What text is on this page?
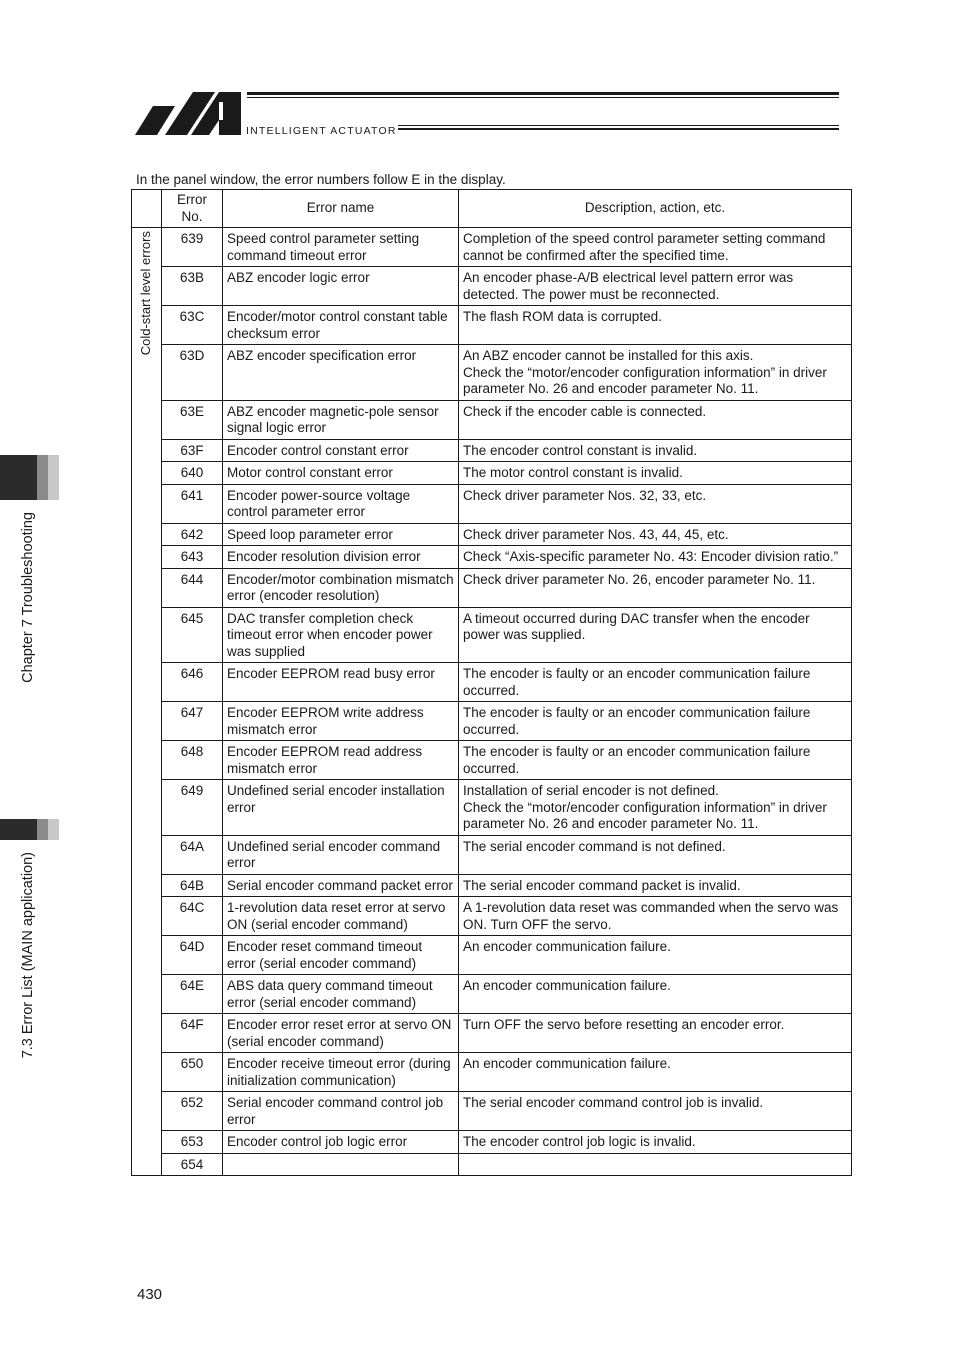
INTELLIGENT ACTUATOR
In the panel window, the error numbers follow E in the display.
	Error No.	Error name	Description, action, etc.

Cold-start level errors	639	Speed control parameter setting command timeout error	Completion of the speed control parameter setting command cannot be confirmed after the specified time.

	63B	ABZ encoder logic error	An encoder phase-A/B electrical level pattern error was detected. The power must be reconnected.

	63C	Encoder/motor control constant table checksum error	The flash ROM data is corrupted.

	63D	ABZ encoder specification error	An ABZ encoder cannot be installed for this axis.
Check the “motor/encoder configuration information” in driver parameter No. 26 and encoder parameter No. 11.

	63E	ABZ encoder magnetic-pole sensor signal logic error	Check if the encoder cable is connected.

	63F	Encoder control constant error	The encoder control constant is invalid.

	640	Motor control constant error	The motor control constant is invalid.

	641	Encoder power-source voltage control parameter error	Check driver parameter Nos. 32, 33, etc.

	642	Speed loop parameter error	Check driver parameter Nos. 43, 44, 45, etc.

	643	Encoder resolution division error	Check “Axis-specific parameter No. 43: Encoder division ratio.”

	644	Encoder/motor combination mismatch error (encoder resolution)	Check driver parameter No. 26, encoder parameter No. 11.

	645	DAC transfer completion check timeout error when encoder power was supplied	A timeout occurred during DAC transfer when the encoder power was supplied.

	646	Encoder EEPROM read busy error	The encoder is faulty or an encoder communication failure occurred.

	647	Encoder EEPROM write address mismatch error	The encoder is faulty or an encoder communication failure occurred.

	648	Encoder EEPROM read address mismatch error	The encoder is faulty or an encoder communication failure occurred.

	649	Undefined serial encoder installation error	Installation of serial encoder is not defined.
Check the “motor/encoder configuration information” in driver parameter No. 26 and encoder parameter No. 11.

	64A	Undefined serial encoder command error	The serial encoder command is not defined.

	64B	Serial encoder command packet error	The serial encoder command packet is invalid.

	64C	1-revolution data reset error at servo ON (serial encoder command)	A 1-revolution data reset was commanded when the servo was ON. Turn OFF the servo.

	64D	Encoder reset command timeout error (serial encoder command)	An encoder communication failure.

	64E	ABS data query command timeout error (serial encoder command)	An encoder communication failure.

	64F	Encoder error reset error at servo ON (serial encoder command)	Turn OFF the servo before resetting an encoder error.

	650	Encoder receive timeout error (during initialization communication)	An encoder communication failure.

	652	Serial encoder command control job error	The serial encoder command control job is invalid.

	653	Encoder control job logic error	The encoder control job logic is invalid.

	654		
Chapter 7 Troubleshooting
7.3 Error List (MAIN application)
430
